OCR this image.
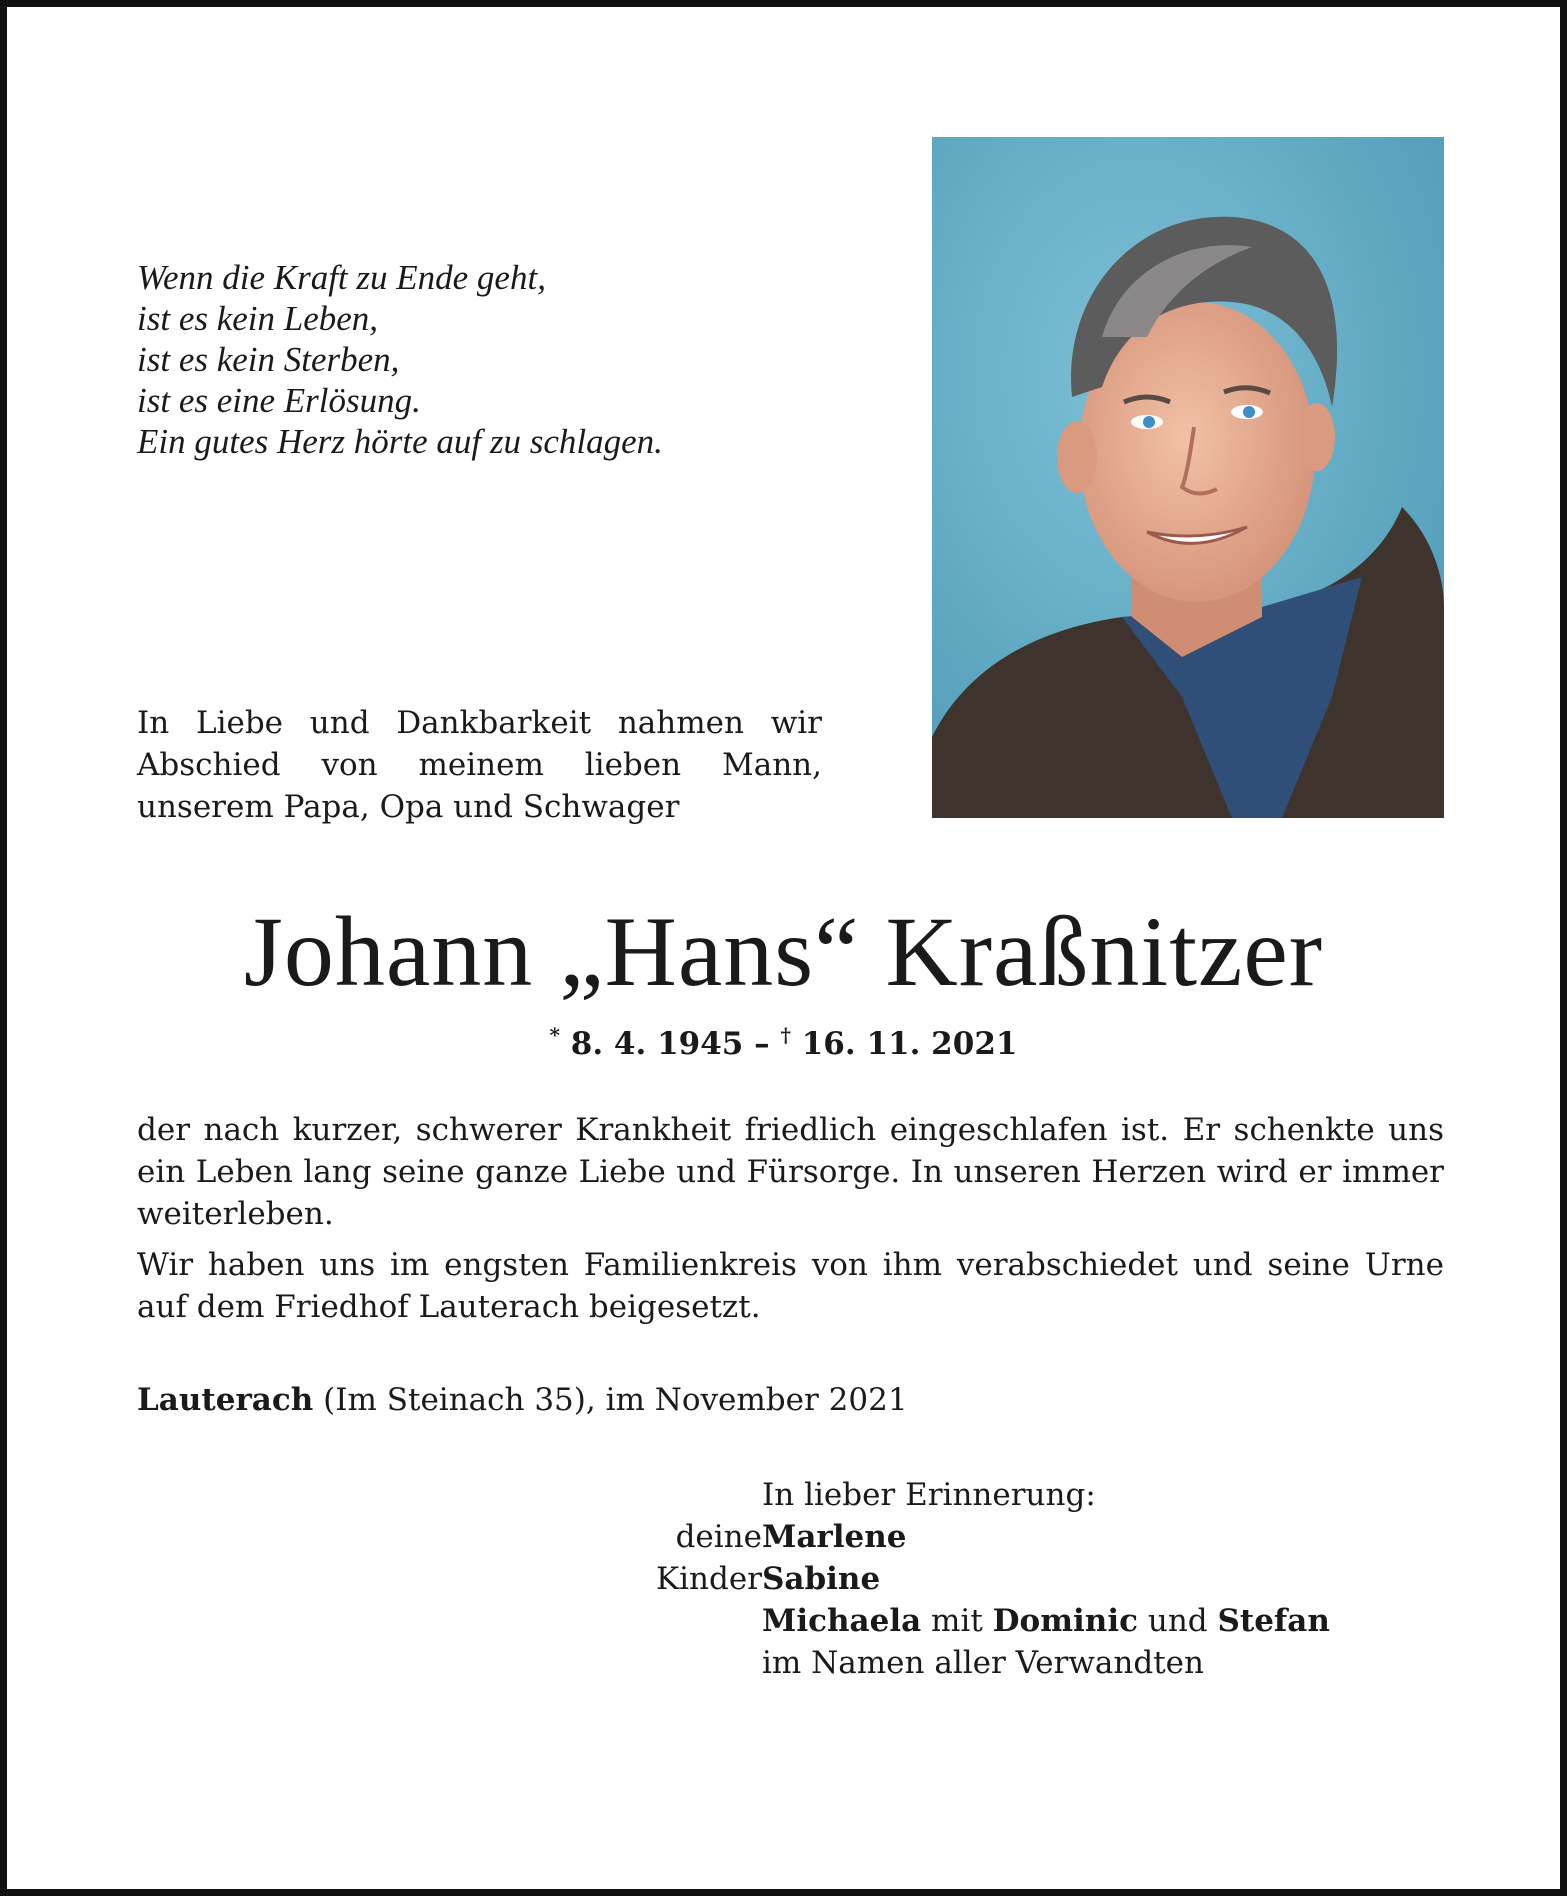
Wenn die Kraft zu Ende geht,
ist es kein Leben,
ist es kein Sterben,
ist es eine Erlösung.
Ein gutes Herz hörte auf zu schlagen.
In Liebe und Dankbarkeit nahmen wir
Abschied von meinem lieben Mann,
unserem Papa, Opa und Schwager
Johann „Hans“ Kraßnitzer
* 8. 4. 1945 – † 16. 11. 2021
der nach kurzer, schwerer Krankheit friedlich eingeschlafen ist. Er schenkte uns ein Leben lang seine ganze Liebe und Fürsorge. In unseren Herzen wird er immer weiterleben.
Wir haben uns im engsten Familienkreis von ihm verabschiedet und seine Urne auf dem Friedhof Lauterach beigesetzt.
Lauterach (Im Steinach 35), im November 2021
In lieber Erinnerung:
deine Marlene
Kinder Sabine
Michaela mit Dominic und Stefan
im Namen aller Verwandten
